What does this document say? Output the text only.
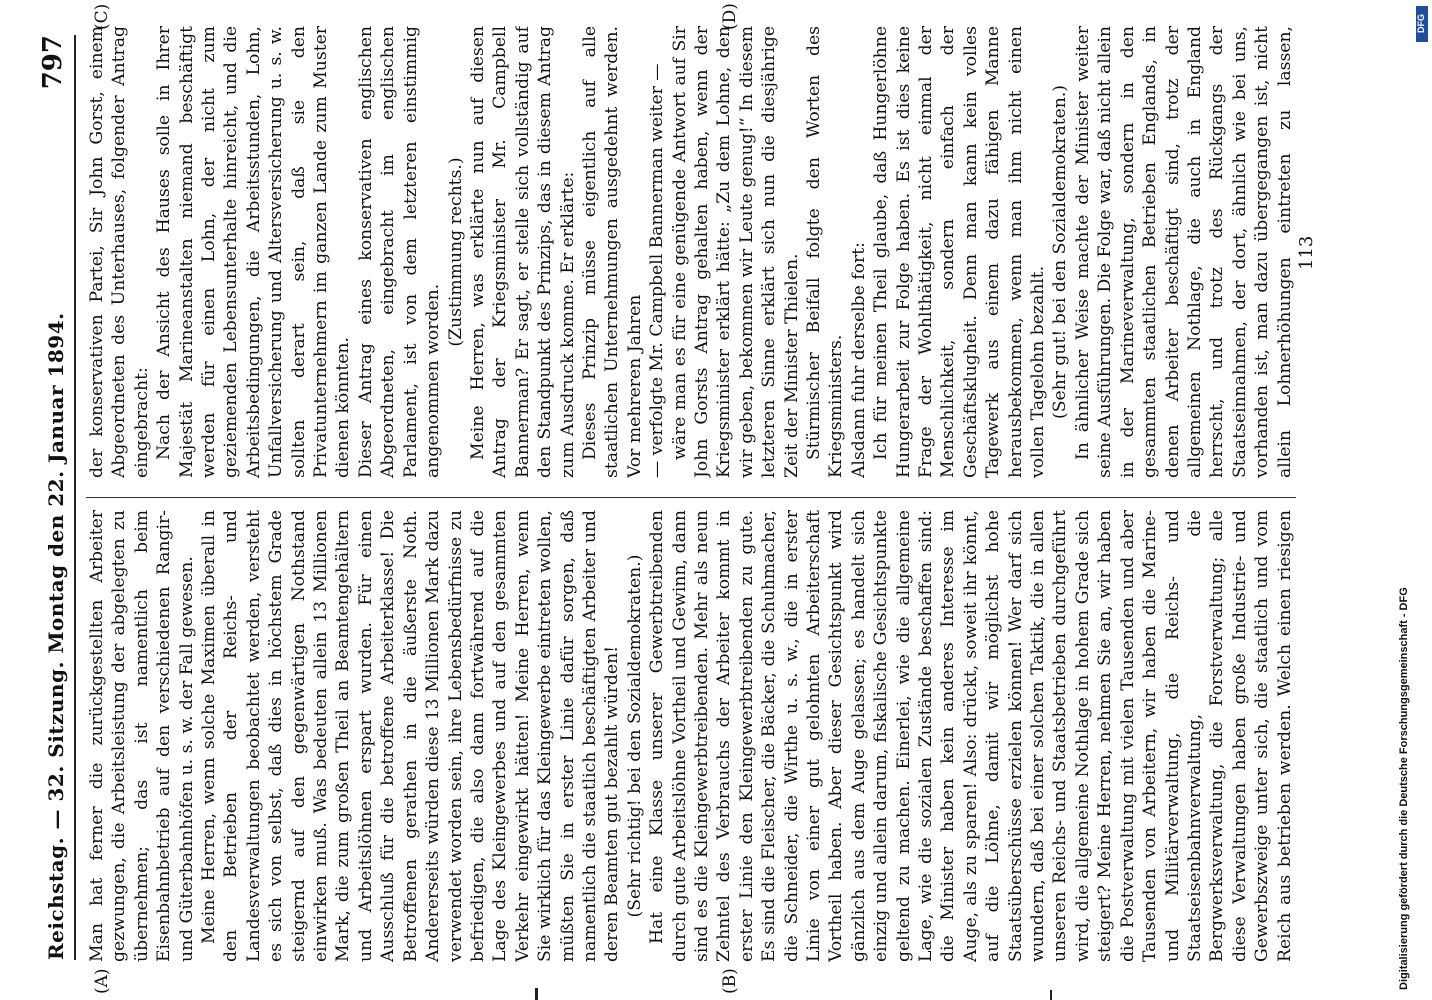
Reichstag. — 32. Sitzung. Montag den 22. Januar 1894.
797
(A)	(B)
(C)	(D)

Man hat ferner die zurückgestellten Arbeiter gezwungen, die Arbeitsleistung der abgelegten zu übernehmen; das ist namentlich beim Eisenbahnbetrieb auf den verschiedenen Rangir- und Güterbahnhöfen u. s. w. der Fall gewesen. Meine Herren, wenn solche Maximen überall in den Betrieben der Reichs- und Landesverwaltungen beobachtet werden, versteht es sich von selbst, daß dies in höchstem Grade steigernd auf den gegenwärtigen Nothstand einwirken muß. Was bedeuten allein 13 Millionen Mark, die zum großen Theil an Beamtengehältern und Arbeitslöhnen erspart wurden. Für einen Ausschluß für die betroffene Arbeiterklasse! Die Betroffenen gerathen in die äußerste Noth. Andererseits würden diese 13 Millionen Mark dazu verwendet worden sein, ihre Lebensbedürfnisse zu befriedigen, die also dann fortwährend auf die Lage des Kleingewerbes und auf den gesammten Verkehr eingewirkt hätten! Meine Herren, wenn Sie wirklich für das Kleingewerbe eintreten wollen, müßten Sie in erster Linie dafür sorgen, daß namentlich die staatlich beschäftigten Arbeiter und deren Beamten gut bezahlt würden! (Sehr richtig! bei den Sozialdemokraten.)

Hat eine Klasse unserer Gewerbtreibenden durch gute Arbeitslöhne Vortheil und Gewinn, dann sind es die Kleingewerbtreibenden. Mehr als neun Zehntel des Verbrauchs der Arbeiter kommt in erster Linie den Kleingewerbtreibenden zu gute. Es sind die Fleischer, die Bäcker, die Schuhmacher, die Schneider, die Wirthe u. s. w., die in erster Linie von einer gut gelohnten Arbeiterschaft Vortheil haben. Aber dieser Gesichtspunkt wird gänzlich aus dem Auge gelassen; es handelt sich einzig und allein darum, fiskalische Gesichtspunkte geltend zu machen. Einerlei, wie die allgemeine Lage, wie die sozialen Zustände beschaffen sind: die Minister haben kein anderes Interesse im Auge, als zu sparen! Also: drückt, soweit ihr könnt, auf die Löhne, damit wir möglichst hohe Staatsüberschüsse erzielen können! Wer darf sich wundern, daß bei einer solchen Taktik, die in allen unseren Reichs- und Staatsbetrieben durchgeführt wird, die allgemeine Nothlage in hohem Grade sich steigert? Meine Herren, nehmen Sie an, wir haben die Postverwaltung mit vielen Tausenden und aber Tausenden von Arbeitern, wir haben die Marine- und Militärverwaltung, die Reichs- und Staatseisenbahnverwaltung, die Bergwerksverwaltung, die Forstverwaltung; alle diese Verwaltungen haben große Industrie- und Gewerbszweige unter sich, die staatlich und vom Reich aus betrieben werden. Welch einen riesigen

der konservativen Partei, Sir John Gorst, einem Abgeordneten des Unterhauses, folgender Antrag eingebracht: Nach der Ansicht des Hauses solle in Ihrer Majestät Marineanstalten niemand beschäftigt werden für einen Lohn, der nicht zum geziemenden Lebensunterhalte hinreicht, und die Arbeitsbedingungen, die Arbeitsstunden, Lohn, Unfallversicherung und Altersversicherung u. s. w. sollten derart sein, daß sie den Privatunternehmern im ganzen Lande zum Muster dienen könnten. Dieser Antrag eines konservativen englischen Abgeordneten, eingebracht im englischen Parlament, ist von dem letzteren einstimmig angenommen worden.

(Zustimmung rechts.) Meine Herren, was erklärte nun auf diesen Antrag der Kriegsminister Mr. Campbell Bannerman? Er sagt, er stelle sich vollständig auf den Standpunkt des Prinzips, das in diesem Antrag zum Ausdruck komme. Er erklärte: Dieses Prinzip müsse eigentlich auf alle staatlichen Unternehmungen ausgedehnt werden. Vor mehreren Jahren — verfolgte Mr. Campbell Bannerman weiter — wäre man es für eine genügende Antwort auf Sir John Gorsts Antrag gehalten haben, wenn der Kriegsminister erklärt hätte: „Zu dem Lohne, den wir geben, bekommen wir Leute genug!“ In diesem letzteren Sinne erklärt sich nun die diesjährige Zeit der Minister Thielen. Stürmischer Beifall folgte den Worten des Kriegsministers. Alsdann fuhr derselbe fort: Ich für meinen Theil glaube, daß Hungerlöhne Hungerarbeit zur Folge haben. Es ist dies keine Frage der Wohlthätigkeit, nicht einmal der Menschlichkeit, sondern einfach der Geschäftsklugheit. Denn man kann kein volles Tagewerk aus einem dazu fähigen Manne herausbekommen, wenn man ihm nicht einen vollen Tagelohn bezahlt. (Sehr gut! bei den Sozialdemokraten.)

In ähnlicher Weise machte der Minister weiter seine Ausführungen. Die Folge war, daß nicht allein in der Marineverwaltung, sondern in den gesammten staatlichen Betrieben Englands, in denen Arbeiter beschäftigt sind, trotz der allgemeinen Nothlage, die auch in England herrscht, und trotz des Rückgangs der Staatseinnahmen, der dort, ähnlich wie bei uns, vorhanden ist, man dazu übergegangen ist, nicht allein Lohnerhöhungen eintreten zu lassen,

113
Digitalisierung gefördert durch die Deutsche Forschungsgemeinschaft - DFG
DFG
